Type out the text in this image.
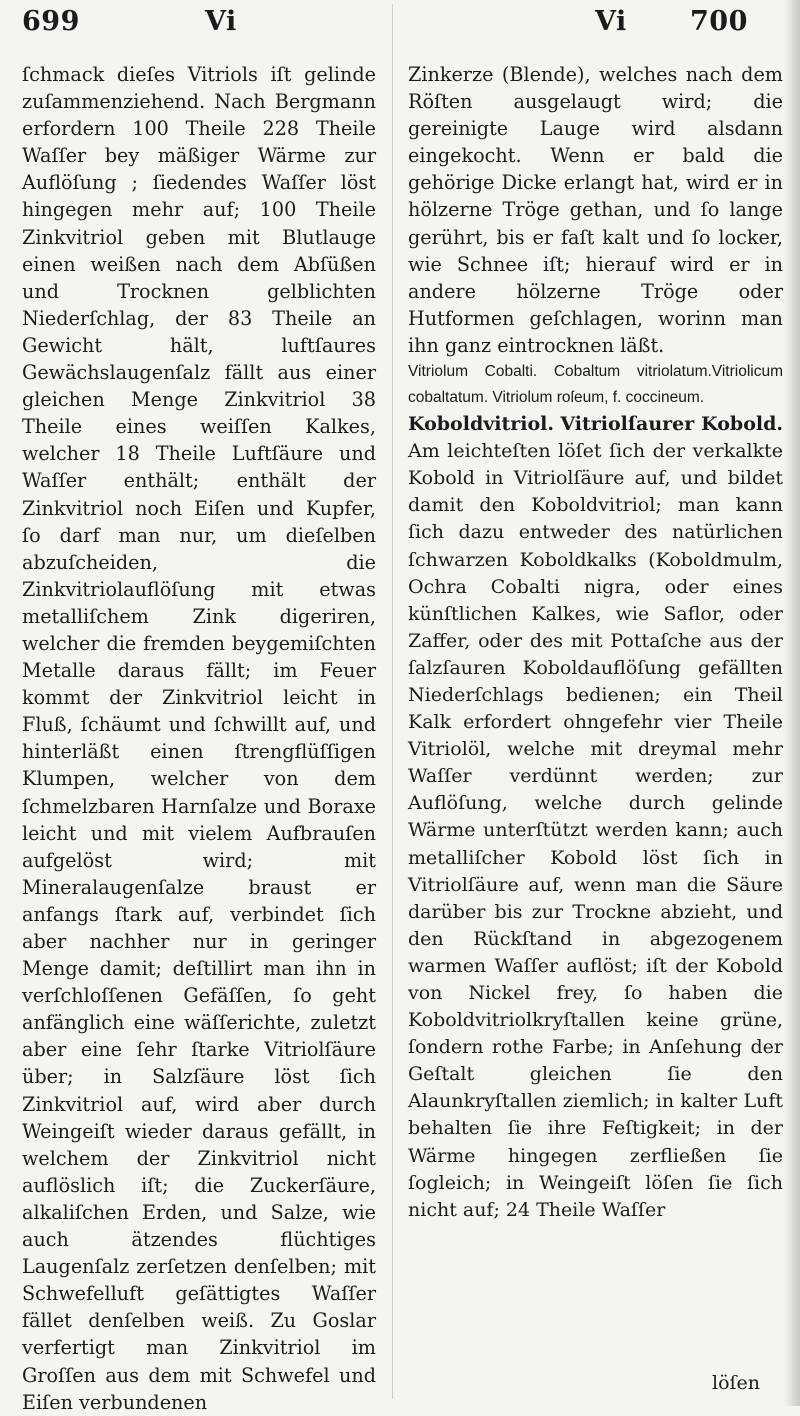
699	Vi	Vi 700

ſchmack dieſes Vitriols iſt gelinde zuſammenziehend. Nach Bergmann erfordern 100 Theile 228 Theile Waſſer bey mäßiger Wärme zur Auflöſung ; ſiedendes Waſſer löst hingegen mehr auf; 100 Theile Zinkvitriol geben mit Blutlauge einen weißen nach dem Abſüßen und Trocknen gelblichten Niederſchlag, der 83 Theile an Gewicht hält, luftſaures Gewächslaugenſalz fällt aus einer gleichen Menge Zinkvitriol 38 Theile eines weiſſen Kalkes, welcher 18 Theile Luftſäure und Waſſer enthält; enthält der Zinkvitriol noch Eiſen und Kupfer, ſo darf man nur, um dieſelben abzuſcheiden, die Zinkvitriolauflöſung mit etwas metalliſchem Zink digeriren, welcher die fremden beygemiſchten Metalle daraus fällt; im Feuer kommt der Zinkvitriol leicht in Fluß, ſchäumt und ſchwillt auf, und hinterläßt einen ſtrengflüſſigen Klumpen, welcher von dem ſchmelzbaren Harnſalze und Boraxe leicht und mit vielem Aufbrauſen aufgelöst wird; mit Mineralaugenſalze braust er anfangs ſtark auf, verbindet ſich aber nachher nur in geringer Menge damit; deſtillirt man ihn in verſchloſſenen Gefäſſen, ſo geht anfänglich eine wäſſerichte, zuletzt aber eine ſehr ſtarke Vitriolſäure über; in Salzſäure löst ſich Zinkvitriol auf, wird aber durch Weingeiſt wieder daraus gefällt, in welchem der Zinkvitriol nicht auflöslich iſt; die Zuckerſäure, alkaliſchen Erden, und Salze, wie auch ätzendes flüchtiges Laugenſalz zerſetzen denſelben; mit Schwefelluft geſättigtes Waſſer fället denſelben weiß. Zu Goslar verfertigt man Zinkvitriol im Groſſen aus dem mit Schwefel und Eiſen verbundenen

Zinkerze (Blende), welches nach dem Röſten ausgelaugt wird; die gereinigte Lauge wird alsdann eingekocht. Wenn er bald die gehörige Dicke erlangt hat, wird er in hölzerne Tröge gethan, und ſo lange gerührt, bis er faſt kalt und ſo locker, wie Schnee iſt; hierauf wird er in andere hölzerne Tröge oder Hutformen geſchlagen, worinn man ihn ganz eintrocknen läßt.

Vitriolum Cobalti. Cobaltum vitriolatum.Vitriolicum cobaltatum. Vitriolum roſeum, f. coccineum.

Koboldvitriol. Vitriolſaurer Kobold. Am leichteſten löſet ſich der verkalkte Kobold in Vitriolſäure auf, und bildet damit den Koboldvitriol; man kann ſich dazu entweder des natürlichen ſchwarzen Koboldkalks (Koboldmulm, Ochra Cobalti nigra, oder eines künſtlichen Kalkes, wie Saflor, oder Zaffer, oder des mit Pottaſche aus der ſalzſauren Koboldauflöſung gefällten Niederſchlags bedienen; ein Theil Kalk erfordert ohngefehr vier Theile Vitriolöl, welche mit dreymal mehr Waſſer verdünnt werden; zur Auflöſung, welche durch gelinde Wärme unterſtützt werden kann; auch metalliſcher Kobold löst ſich in Vitriolſäure auf, wenn man die Säure darüber bis zur Trockne abzieht, und den Rückſtand in abgezogenem warmen Waſſer auflöst; iſt der Kobold von Nickel frey, ſo haben die Koboldvitriolkryſtallen keine grüne, ſondern rothe Farbe; in Anſehung der Geſtalt gleichen ſie den Alaunkryſtallen ziemlich; in kalter Luft behalten ſie ihre Feſtigkeit; in der Wärme hingegen zerfließen ſie ſogleich; in Weingeiſt löſen ſie ſich nicht auf; 24 Theile Waſſer

löſen
